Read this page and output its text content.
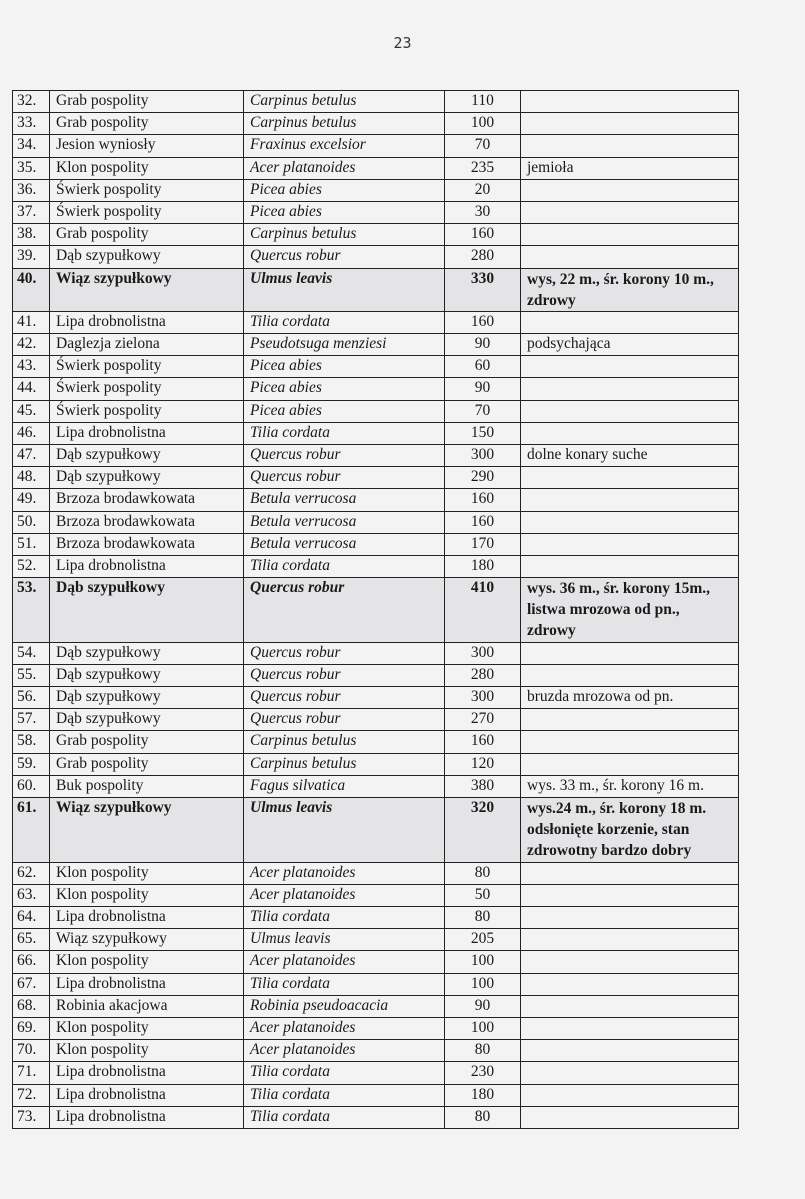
23
32.	Grab pospolity	Carpinus betulus	110	
33.	Grab pospolity	Carpinus betulus	100	
34.	Jesion wyniosły	Fraxinus excelsior	70	
35.	Klon pospolity	Acer platanoides	235	jemioła
36.	Świerk pospolity	Picea abies	20	
37.	Świerk pospolity	Picea abies	30	
38.	Grab pospolity	Carpinus betulus	160	
39.	Dąb szypułkowy	Quercus robur	280	
40.	Wiąz szypułkowy	Ulmus leavis	330	wys, 22 m., śr. korony 10 m., zdrowy
41.	Lipa drobnolistna	Tilia cordata	160	
42.	Daglezja zielona	Pseudotsuga menziesi	90	podsychająca
43.	Świerk pospolity	Picea abies	60	
44.	Świerk pospolity	Picea abies	90	
45.	Świerk pospolity	Picea abies	70	
46.	Lipa drobnolistna	Tilia cordata	150	
47.	Dąb szypułkowy	Quercus robur	300	dolne konary suche
48.	Dąb szypułkowy	Quercus robur	290	
49.	Brzoza brodawkowata	Betula verrucosa	160	
50.	Brzoza brodawkowata	Betula verrucosa	160	
51.	Brzoza brodawkowata	Betula verrucosa	170	
52.	Lipa drobnolistna	Tilia cordata	180	
53.	Dąb szypułkowy	Quercus robur	410	wys. 36 m., śr. korony 15m., listwa mrozowa od pn., zdrowy
54.	Dąb szypułkowy	Quercus robur	300	
55.	Dąb szypułkowy	Quercus robur	280	
56.	Dąb szypułkowy	Quercus robur	300	bruzda mrozowa od pn.
57.	Dąb szypułkowy	Quercus robur	270	
58.	Grab pospolity	Carpinus betulus	160	
59.	Grab pospolity	Carpinus betulus	120	
60.	Buk pospolity	Fagus silvatica	380	wys. 33 m., śr. korony 16 m.
61.	Wiąz szypułkowy	Ulmus leavis	320	wys.24 m., śr. korony 18 m. odsłonięte korzenie, stan zdrowotny bardzo dobry
62.	Klon pospolity	Acer platanoides	80	
63.	Klon pospolity	Acer platanoides	50	
64.	Lipa drobnolistna	Tilia cordata	80	
65.	Wiąz szypułkowy	Ulmus leavis	205	
66.	Klon pospolity	Acer platanoides	100	
67.	Lipa drobnolistna	Tilia cordata	100	
68.	Robinia akacjowa	Robinia pseudoacacia	90	
69.	Klon pospolity	Acer platanoides	100	
70.	Klon pospolity	Acer platanoides	80	
71.	Lipa drobnolistna	Tilia cordata	230	
72.	Lipa drobnolistna	Tilia cordata	180	
73.	Lipa drobnolistna	Tilia cordata	80	
